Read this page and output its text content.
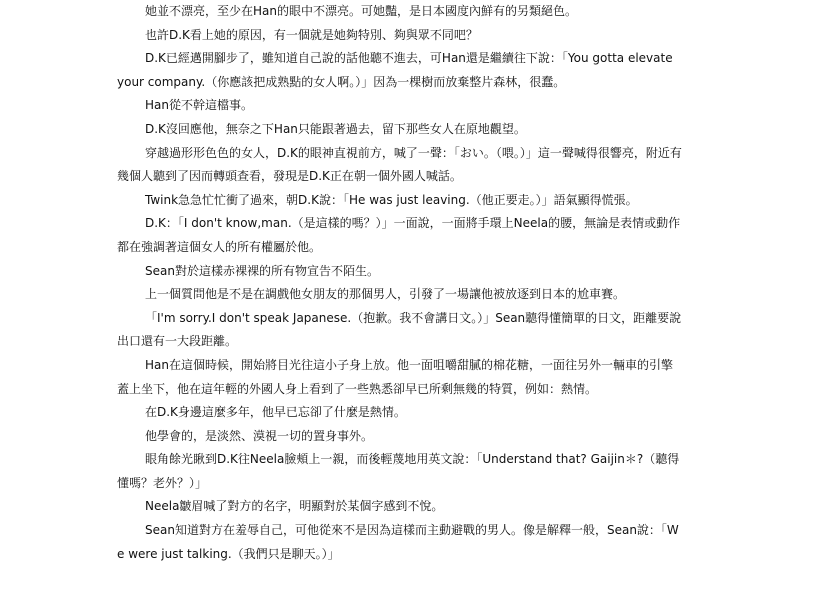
她並不漂亮，至少在Han的眼中不漂亮。可她豔，是日本國度內鮮有的另類絕色。

也許D.K看上她的原因，有一個就是她夠特別、夠與眾不同吧？

D.K已經邁開腳步了，雖知道自己說的話他聽不進去，可Han還是繼續往下說：「You gotta elevate your company.（你應該把成熟點的女人啊。）」因為一棵樹而放棄整片森林，很蠢。

Han從不幹這檔事。

D.K沒回應他，無奈之下Han只能跟著過去，留下那些女人在原地觀望。

穿越過形形色色的女人，D.K的眼神直視前方，喊了一聲：「おい。（喂。）」這一聲喊得很響亮，附近有幾個人聽到了因而轉頭查看，發現是D.K正在朝一個外國人喊話。

Twink急急忙忙衝了過來，朝D.K說：「He was just leaving.（他正要走。）」語氣顯得慌張。

D.K：「I don't know,man.（是這樣的嗎？）」一面說，一面將手環上Neela的腰，無論是表情或動作都在強調著這個女人的所有權屬於他。

Sean對於這樣赤裸裸的所有物宣告不陌生。

上一個質問他是不是在調戲他女朋友的那個男人，引發了一場讓他被放逐到日本的尬車賽。

「I'm sorry.I don't speak Japanese.（抱歉。我不會講日文。）」Sean聽得懂簡單的日文，距離要說出口還有一大段距離。

Han在這個時候，開始將目光往這小子身上放。他一面咀嚼甜膩的棉花糖，一面往另外一輛車的引擎蓋上坐下，他在這年輕的外國人身上看到了一些熟悉卻早已所剩無幾的特質，例如：熱情。

在D.K身邊這麼多年，他早已忘卻了什麼是熱情。

他學會的，是淡然、漠視一切的置身事外。

眼角餘光瞅到D.K往Neela臉頰上一親，而後輕蔑地用英文說：「Understand that? Gaijin＊?（聽得懂嗎？老外？）」

Neela皺眉喊了對方的名字，明顯對於某個字感到不悅。

Sean知道對方在羞辱自己，可他從來不是因為這樣而主動避戰的男人。像是解釋一般，Sean說：「We were just talking.（我們只是聊天。）」
